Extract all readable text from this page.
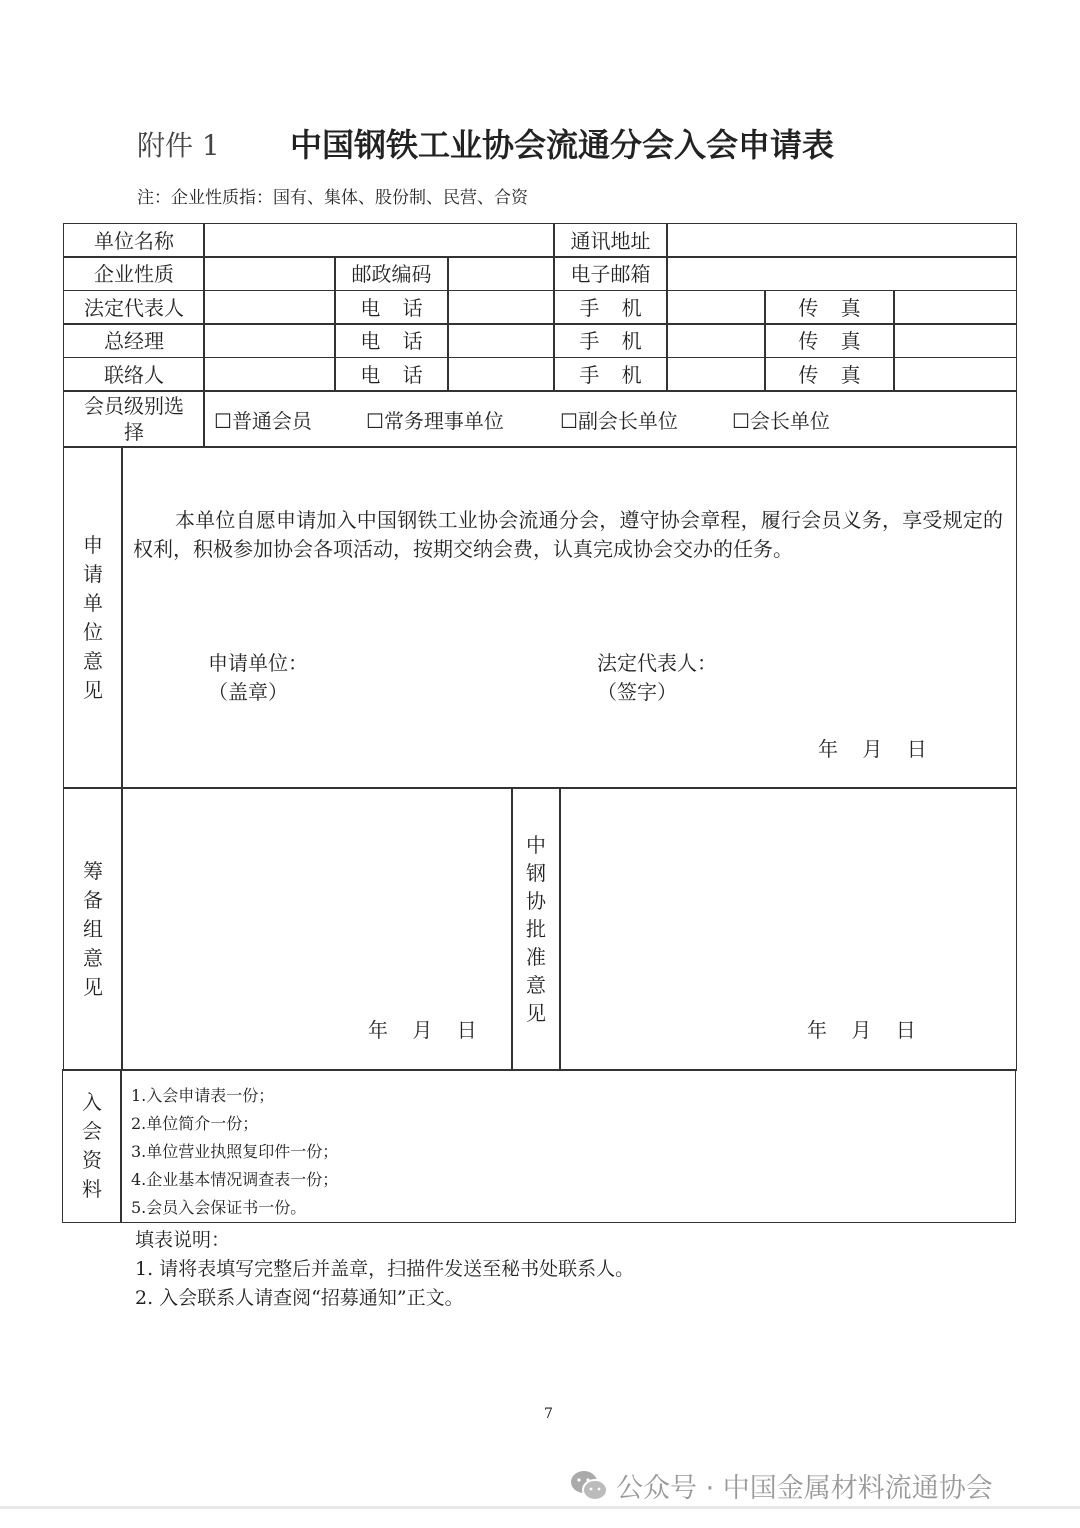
附件 1 中国钢铁工业协会流通分会入会申请表
注：企业性质指：国有、集体、股份制、民营、合资
单位名称	通讯地址
企业性质	邮政编码	电子邮箱
法定代表人	电 话	手 机	传 真
总经理	电 话	手 机	传 真
联络人	电 话	手 机	传 真
会员级别选择	☐普通会员	☐常务理事单位	☐副会长单位	☐会长单位
申请单位意见
本单位自愿申请加入中国钢铁工业协会流通分会，遵守协会章程，履行会员义务，享受规定的权利，积极参加协会各项活动，按期交纳会费，认真完成协会交办的任务。
申请单位：
（盖章）
法定代表人：
（签字）
年 月 日
筹备组意见
年 月 日
中钢协批准意见
年 月 日
入会资料
1.入会申请表一份；
2.单位简介一份；
3.单位营业执照复印件一份；
4.企业基本情况调查表一份；
5.会员入会保证书一份。
填表说明：
1. 请将表填写完整后并盖章，扫描件发送至秘书处联系人。
2. 入会联系人请查阅“招募通知”正文。
7
公众号 · 中国金属材料流通协会
